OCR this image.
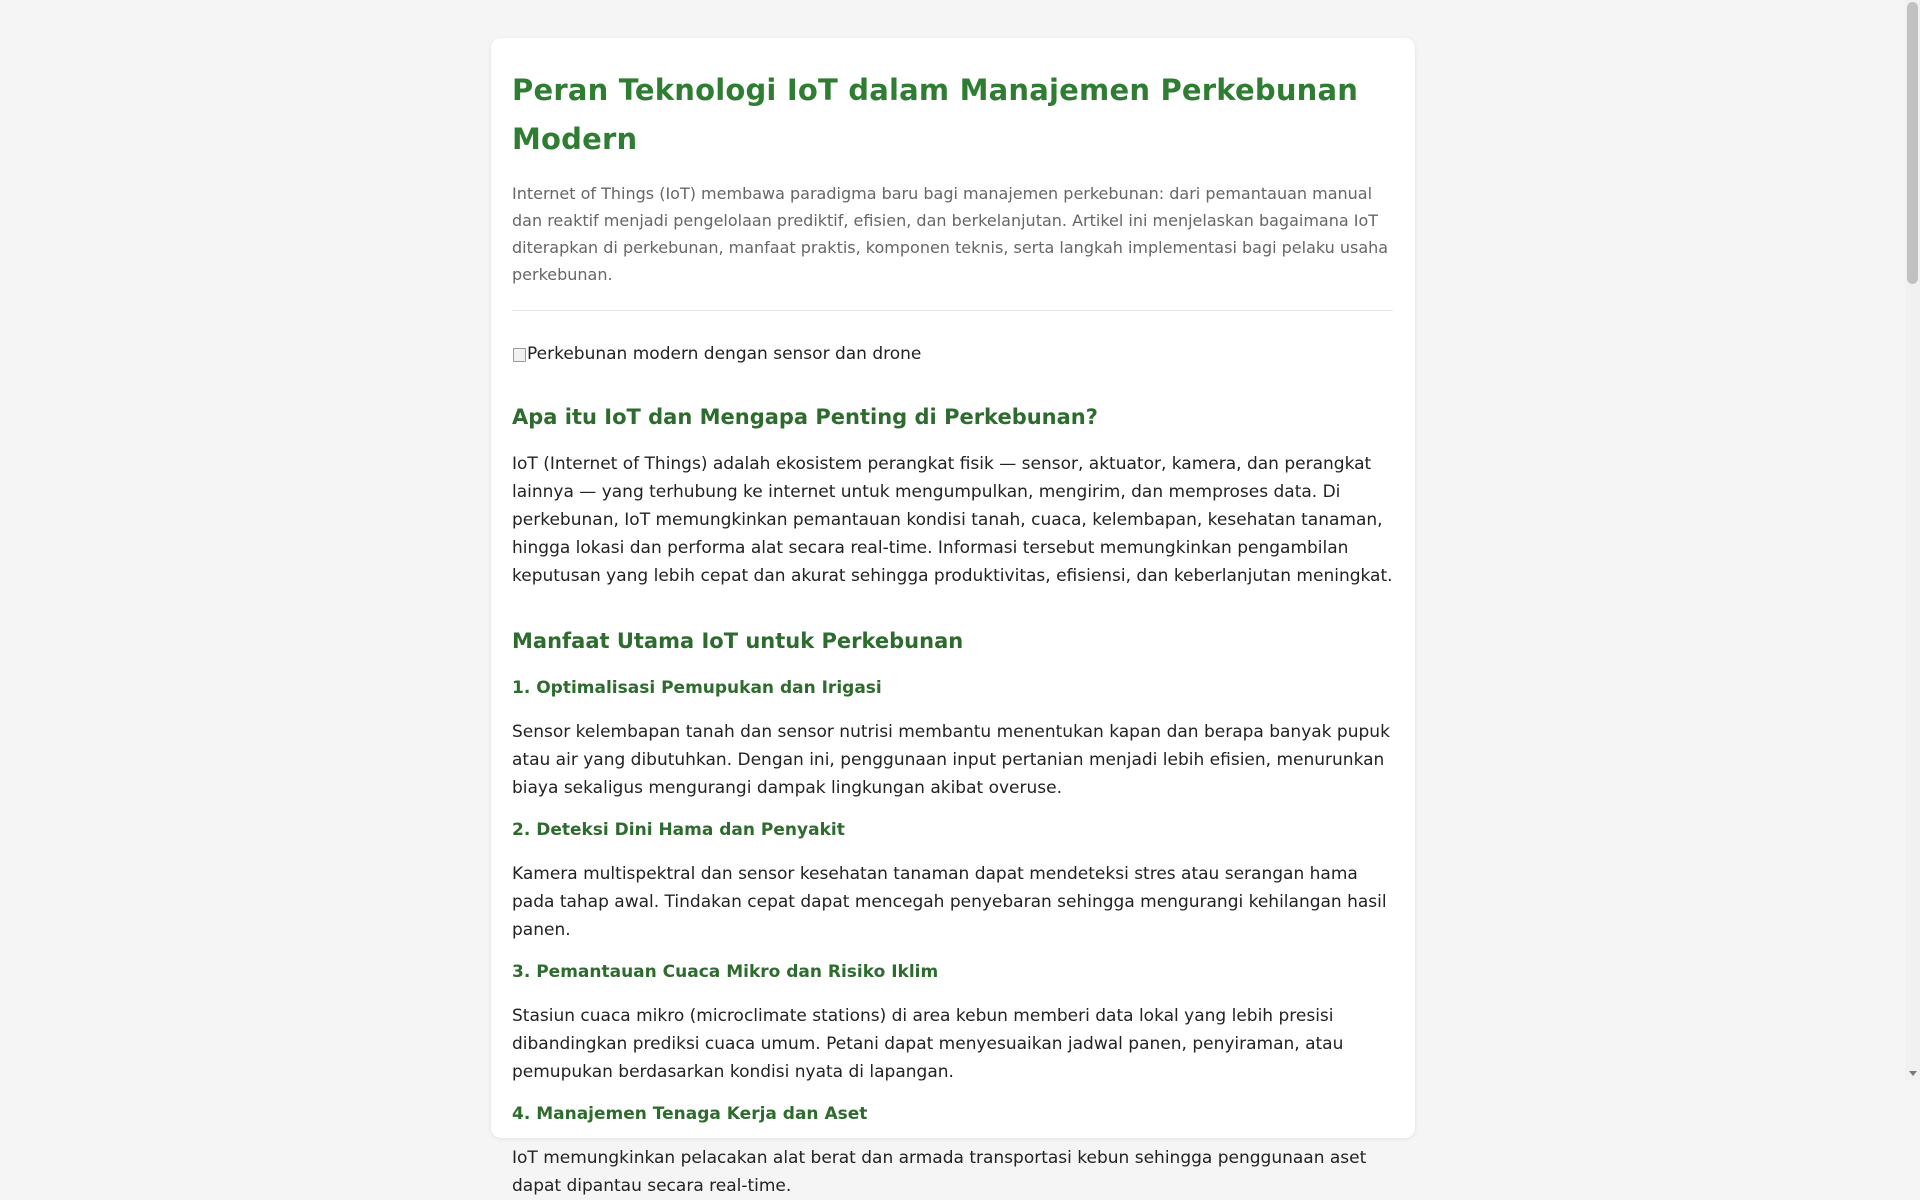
Peran Teknologi IoT dalam Manajemen Perkebunan Modern

Internet of Things (IoT) membawa paradigma baru bagi manajemen perkebunan: dari pemantauan manual dan reaktif menjadi pengelolaan prediktif, efisien, dan berkelanjutan. Artikel ini menjelaskan bagaimana IoT diterapkan di perkebunan, manfaat praktis, komponen teknis, serta langkah implementasi bagi pelaku usaha perkebunan.

Perkebunan modern dengan sensor dan drone
Apa itu IoT dan Mengapa Penting di Perkebunan?

IoT (Internet of Things) adalah ekosistem perangkat fisik — sensor, aktuator, kamera, dan perangkat lainnya — yang terhubung ke internet untuk mengumpulkan, mengirim, dan memproses data. Di perkebunan, IoT memungkinkan pemantauan kondisi tanah, cuaca, kelembapan, kesehatan tanaman, hingga lokasi dan performa alat secara real-time. Informasi tersebut memungkinkan pengambilan keputusan yang lebih cepat dan akurat sehingga produktivitas, efisiensi, dan keberlanjutan meningkat.

Manfaat Utama IoT untuk Perkebunan
1. Optimalisasi Pemupukan dan Irigasi

Sensor kelembapan tanah dan sensor nutrisi membantu menentukan kapan dan berapa banyak pupuk atau air yang dibutuhkan. Dengan ini, penggunaan input pertanian menjadi lebih efisien, menurunkan biaya sekaligus mengurangi dampak lingkungan akibat overuse.

2. Deteksi Dini Hama dan Penyakit

Kamera multispektral dan sensor kesehatan tanaman dapat mendeteksi stres atau serangan hama pada tahap awal. Tindakan cepat dapat mencegah penyebaran sehingga mengurangi kehilangan hasil panen.

3. Pemantauan Cuaca Mikro dan Risiko Iklim

Stasiun cuaca mikro (microclimate stations) di area kebun memberi data lokal yang lebih presisi dibandingkan prediksi cuaca umum. Petani dapat menyesuaikan jadwal panen, penyiraman, atau pemupukan berdasarkan kondisi nyata di lapangan.

4. Manajemen Tenaga Kerja dan Aset

IoT memungkinkan pelacakan alat berat dan armada transportasi kebun sehingga penggunaan aset dapat dipantau secara real-time.
